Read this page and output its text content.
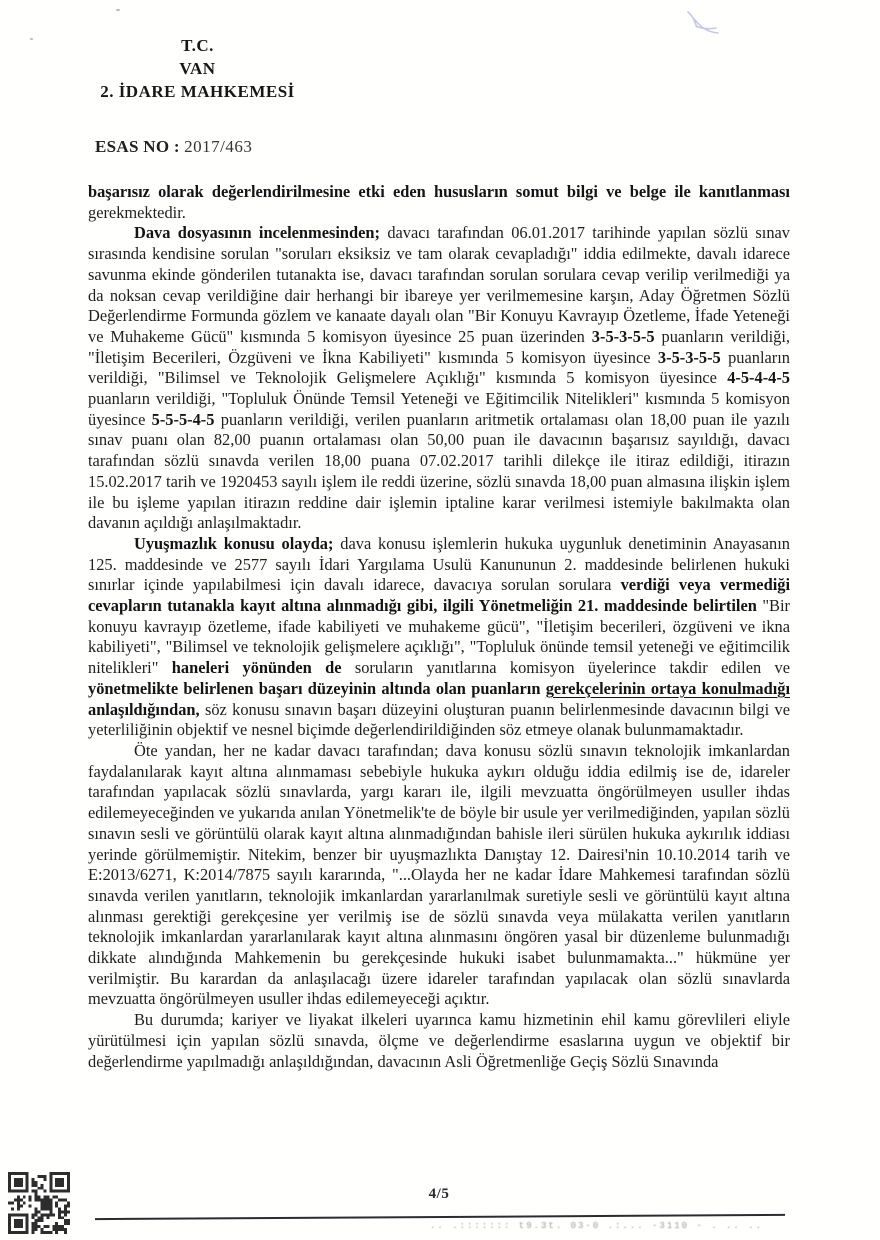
T.C.
VAN
2. İDARE MAHKEMESİ
ESAS NO : 2017/463

başarısız olarak değerlendirilmesine etki eden hususların somut bilgi ve belge ile kanıtlanması gerekmektedir.

Dava dosyasının incelenmesinden; davacı tarafından 06.01.2017 tarihinde yapılan sözlü sınav sırasında kendisine sorulan "soruları eksiksiz ve tam olarak cevapladığı" iddia edilmekte, davalı idarece savunma ekinde gönderilen tutanakta ise, davacı tarafından sorulan sorulara cevap verilip verilmediği ya da noksan cevap verildiğine dair herhangi bir ibareye yer verilmemesine karşın, Aday Öğretmen Sözlü Değerlendirme Formunda gözlem ve kanaate dayalı olan "Bir Konuyu Kavrayıp Özetleme, İfade Yeteneği ve Muhakeme Gücü" kısmında 5 komisyon üyesince 25 puan üzerinden 3-5-3-5-5 puanların verildiği, "İletişim Becerileri, Özgüveni ve İkna Kabiliyeti" kısmında 5 komisyon üyesince 3-5-3-5-5 puanların verildiği, "Bilimsel ve Teknolojik Gelişmelere Açıklığı" kısmında 5 komisyon üyesince 4-5-4-4-5 puanların verildiği, "Topluluk Önünde Temsil Yeteneği ve Eğitimcilik Nitelikleri" kısmında 5 komisyon üyesince 5-5-5-4-5 puanların verildiği, verilen puanların aritmetik ortalaması olan 18,00 puan ile yazılı sınav puanı olan 82,00 puanın ortalaması olan 50,00 puan ile davacının başarısız sayıldığı, davacı tarafından sözlü sınavda verilen 18,00 puana 07.02.2017 tarihli dilekçe ile itiraz edildiği, itirazın 15.02.2017 tarih ve 1920453 sayılı işlem ile reddi üzerine, sözlü sınavda 18,00 puan almasına ilişkin işlem ile bu işleme yapılan itirazın reddine dair işlemin iptaline karar verilmesi istemiyle bakılmakta olan davanın açıldığı anlaşılmaktadır.

Uyuşmazlık konusu olayda; dava konusu işlemlerin hukuka uygunluk denetiminin Anayasanın 125. maddesinde ve 2577 sayılı İdari Yargılama Usulü Kanununun 2. maddesinde belirlenen hukuki sınırlar içinde yapılabilmesi için davalı idarece, davacıya sorulan sorulara verdiği veya vermediği cevapların tutanakla kayıt altına alınmadığı gibi, ilgili Yönetmeliğin 21. maddesinde belirtilen "Bir konuyu kavrayıp özetleme, ifade kabiliyeti ve muhakeme gücü", "İletişim becerileri, özgüveni ve ikna kabiliyeti", "Bilimsel ve teknolojik gelişmelere açıklığı", "Topluluk önünde temsil yeteneği ve eğitimcilik nitelikleri" haneleri yönünden de soruların yanıtlarına komisyon üyelerince takdir edilen ve yönetmelikte belirlenen başarı düzeyinin altında olan puanların gerekçelerinin ortaya konulmadığı anlaşıldığından, söz konusu sınavın başarı düzeyini oluşturan puanın belirlenmesinde davacının bilgi ve yeterliliğinin objektif ve nesnel biçimde değerlendirildiğinden söz etmeye olanak bulunmamaktadır.

Öte yandan, her ne kadar davacı tarafından; dava konusu sözlü sınavın teknolojik imkanlardan faydalanılarak kayıt altına alınmaması sebebiyle hukuka aykırı olduğu iddia edilmiş ise de, idareler tarafından yapılacak sözlü sınavlarda, yargı kararı ile, ilgili mevzuatta öngörülmeyen usuller ihdas edilemeyeceğinden ve yukarıda anılan Yönetmelik'te de böyle bir usule yer verilmediğinden, yapılan sözlü sınavın sesli ve görüntülü olarak kayıt altına alınmadığından bahisle ileri sürülen hukuka aykırılık iddiası yerinde görülmemiştir. Nitekim, benzer bir uyuşmazlıkta Danıştay 12. Dairesi'nin 10.10.2014 tarih ve E:2013/6271, K:2014/7875 sayılı kararında, "...Olayda her ne kadar İdare Mahkemesi tarafından sözlü sınavda verilen yanıtların, teknolojik imkanlardan yararlanılmak suretiyle sesli ve görüntülü kayıt altına alınması gerektiği gerekçesine yer verilmiş ise de sözlü sınavda veya mülakatta verilen yanıtların teknolojik imkanlardan yararlanılarak kayıt altına alınmasını öngören yasal bir düzenleme bulunmadığı dikkate alındığında Mahkemenin bu gerekçesinde hukuki isabet bulunmamakta..." hükmüne yer verilmiştir. Bu karardan da anlaşılacağı üzere idareler tarafından yapılacak olan sözlü sınavlarda mevzuatta öngörülmeyen usuller ihdas edilemeyeceği açıktır.

Bu durumda; kariyer ve liyakat ilkeleri uyarınca kamu hizmetinin ehil kamu görevlileri eliyle yürütülmesi için yapılan sözlü sınavda, ölçme ve değerlendirme esaslarına uygun ve objektif bir değerlendirme yapılmadığı anlaşıldığından, davacının Asli Öğretmenliğe Geçiş Sözlü Sınavında

4/5
.. .::::::: t9.3t. 03-0 .:... -3110 - . .. ..
